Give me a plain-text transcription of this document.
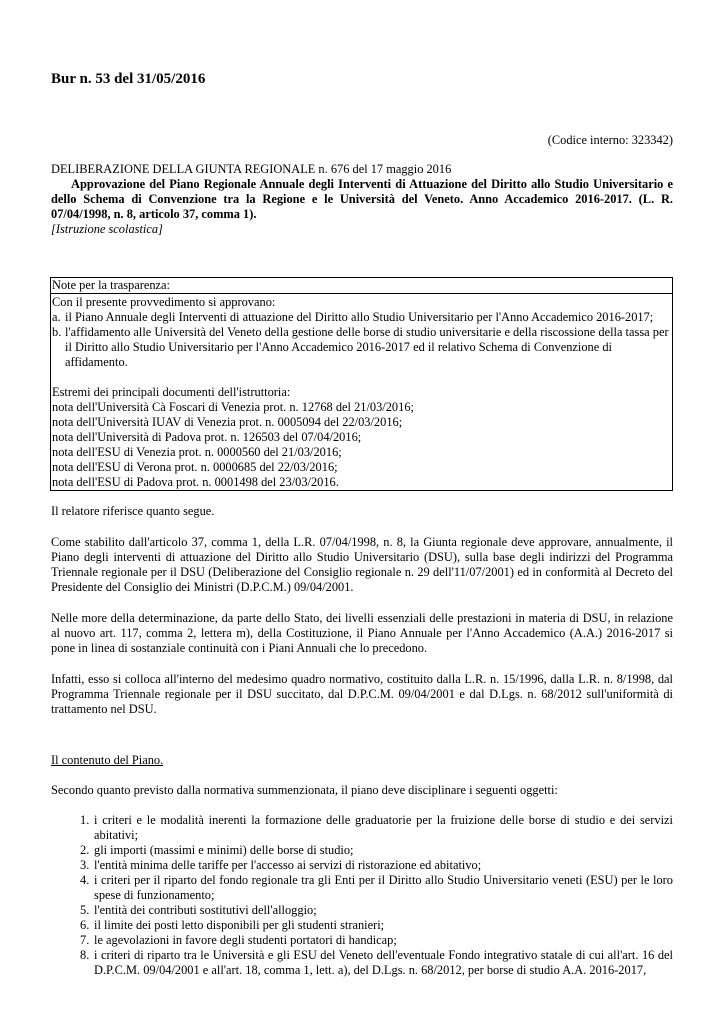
Bur n. 53 del 31/05/2016
(Codice interno: 323342)

DELIBERAZIONE DELLA GIUNTA REGIONALE n. 676 del 17 maggio 2016

Approvazione del Piano Regionale Annuale degli Interventi di Attuazione del Diritto allo Studio Universitario e dello Schema di Convenzione tra la Regione e le Università del Veneto. Anno Accademico 2016-2017. (L. R. 07/04/1998, n. 8, articolo 37, comma 1).

[Istruzione scolastica]

Note per la trasparenza:

Con il presente provvedimento si approvano:

a. il Piano Annuale degli Interventi di attuazione del Diritto allo Studio Universitario per l'Anno Accademico 2016-2017;
b. l'affidamento alle Università del Veneto della gestione delle borse di studio universitarie e della riscossione della tassa per il Diritto allo Studio Universitario per l'Anno Accademico 2016-2017 ed il relativo Schema di Convenzione di affidamento.

Estremi dei principali documenti dell'istruttoria:

nota dell'Università Cà Foscari di Venezia prot. n. 12768 del 21/03/2016;

nota dell'Università IUAV di Venezia prot. n. 0005094 del 22/03/2016;

nota dell'Università di Padova prot. n. 126503 del 07/04/2016;

nota dell'ESU di Venezia prot. n. 0000560 del 21/03/2016;

nota dell'ESU di Verona prot. n. 0000685 del 22/03/2016;

nota dell'ESU di Padova prot. n. 0001498 del 23/03/2016.

Il relatore riferisce quanto segue.

Come stabilito dall'articolo 37, comma 1, della L.R. 07/04/1998, n. 8, la Giunta regionale deve approvare, annualmente, il Piano degli interventi di attuazione del Diritto allo Studio Universitario (DSU), sulla base degli indirizzi del Programma Triennale regionale per il DSU (Deliberazione del Consiglio regionale n. 29 dell'11/07/2001) ed in conformità al Decreto del Presidente del Consiglio dei Ministri (D.P.C.M.) 09/04/2001.

Nelle more della determinazione, da parte dello Stato, dei livelli essenziali delle prestazioni in materia di DSU, in relazione al nuovo art. 117, comma 2, lettera m), della Costituzione, il Piano Annuale per l'Anno Accademico (A.A.) 2016-2017 si pone in linea di sostanziale continuità con i Piani Annuali che lo precedono.

Infatti, esso si colloca all'interno del medesimo quadro normativo, costituito dalla L.R. n. 15/1996, dalla L.R. n. 8/1998, dal Programma Triennale regionale per il DSU succitato, dal D.P.C.M. 09/04/2001 e dal D.Lgs. n. 68/2012 sull'uniformità di trattamento nel DSU.

Il contenuto del Piano.
Secondo quanto previsto dalla normativa summenzionata, il piano deve disciplinare i seguenti oggetti:
1. i criteri e le modalità inerenti la formazione delle graduatorie per la fruizione delle borse di studio e dei servizi abitativi;
2. gli importi (massimi e minimi) delle borse di studio;
3. l'entità minima delle tariffe per l'accesso ai servizi di ristorazione ed abitativo;
4. i criteri per il riparto del fondo regionale tra gli Enti per il Diritto allo Studio Universitario veneti (ESU) per le loro spese di funzionamento;
5. l'entità dei contributi sostitutivi dell'alloggio;
6. il limite dei posti letto disponibili per gli studenti stranieri;
7. le agevolazioni in favore degli studenti portatori di handicap;
8. i criteri di riparto tra le Università e gli ESU del Veneto dell'eventuale Fondo integrativo statale di cui all'art. 16 del D.P.C.M. 09/04/2001 e all'art. 18, comma 1, lett. a), del D.Lgs. n. 68/2012, per borse di studio A.A. 2016-2017,
